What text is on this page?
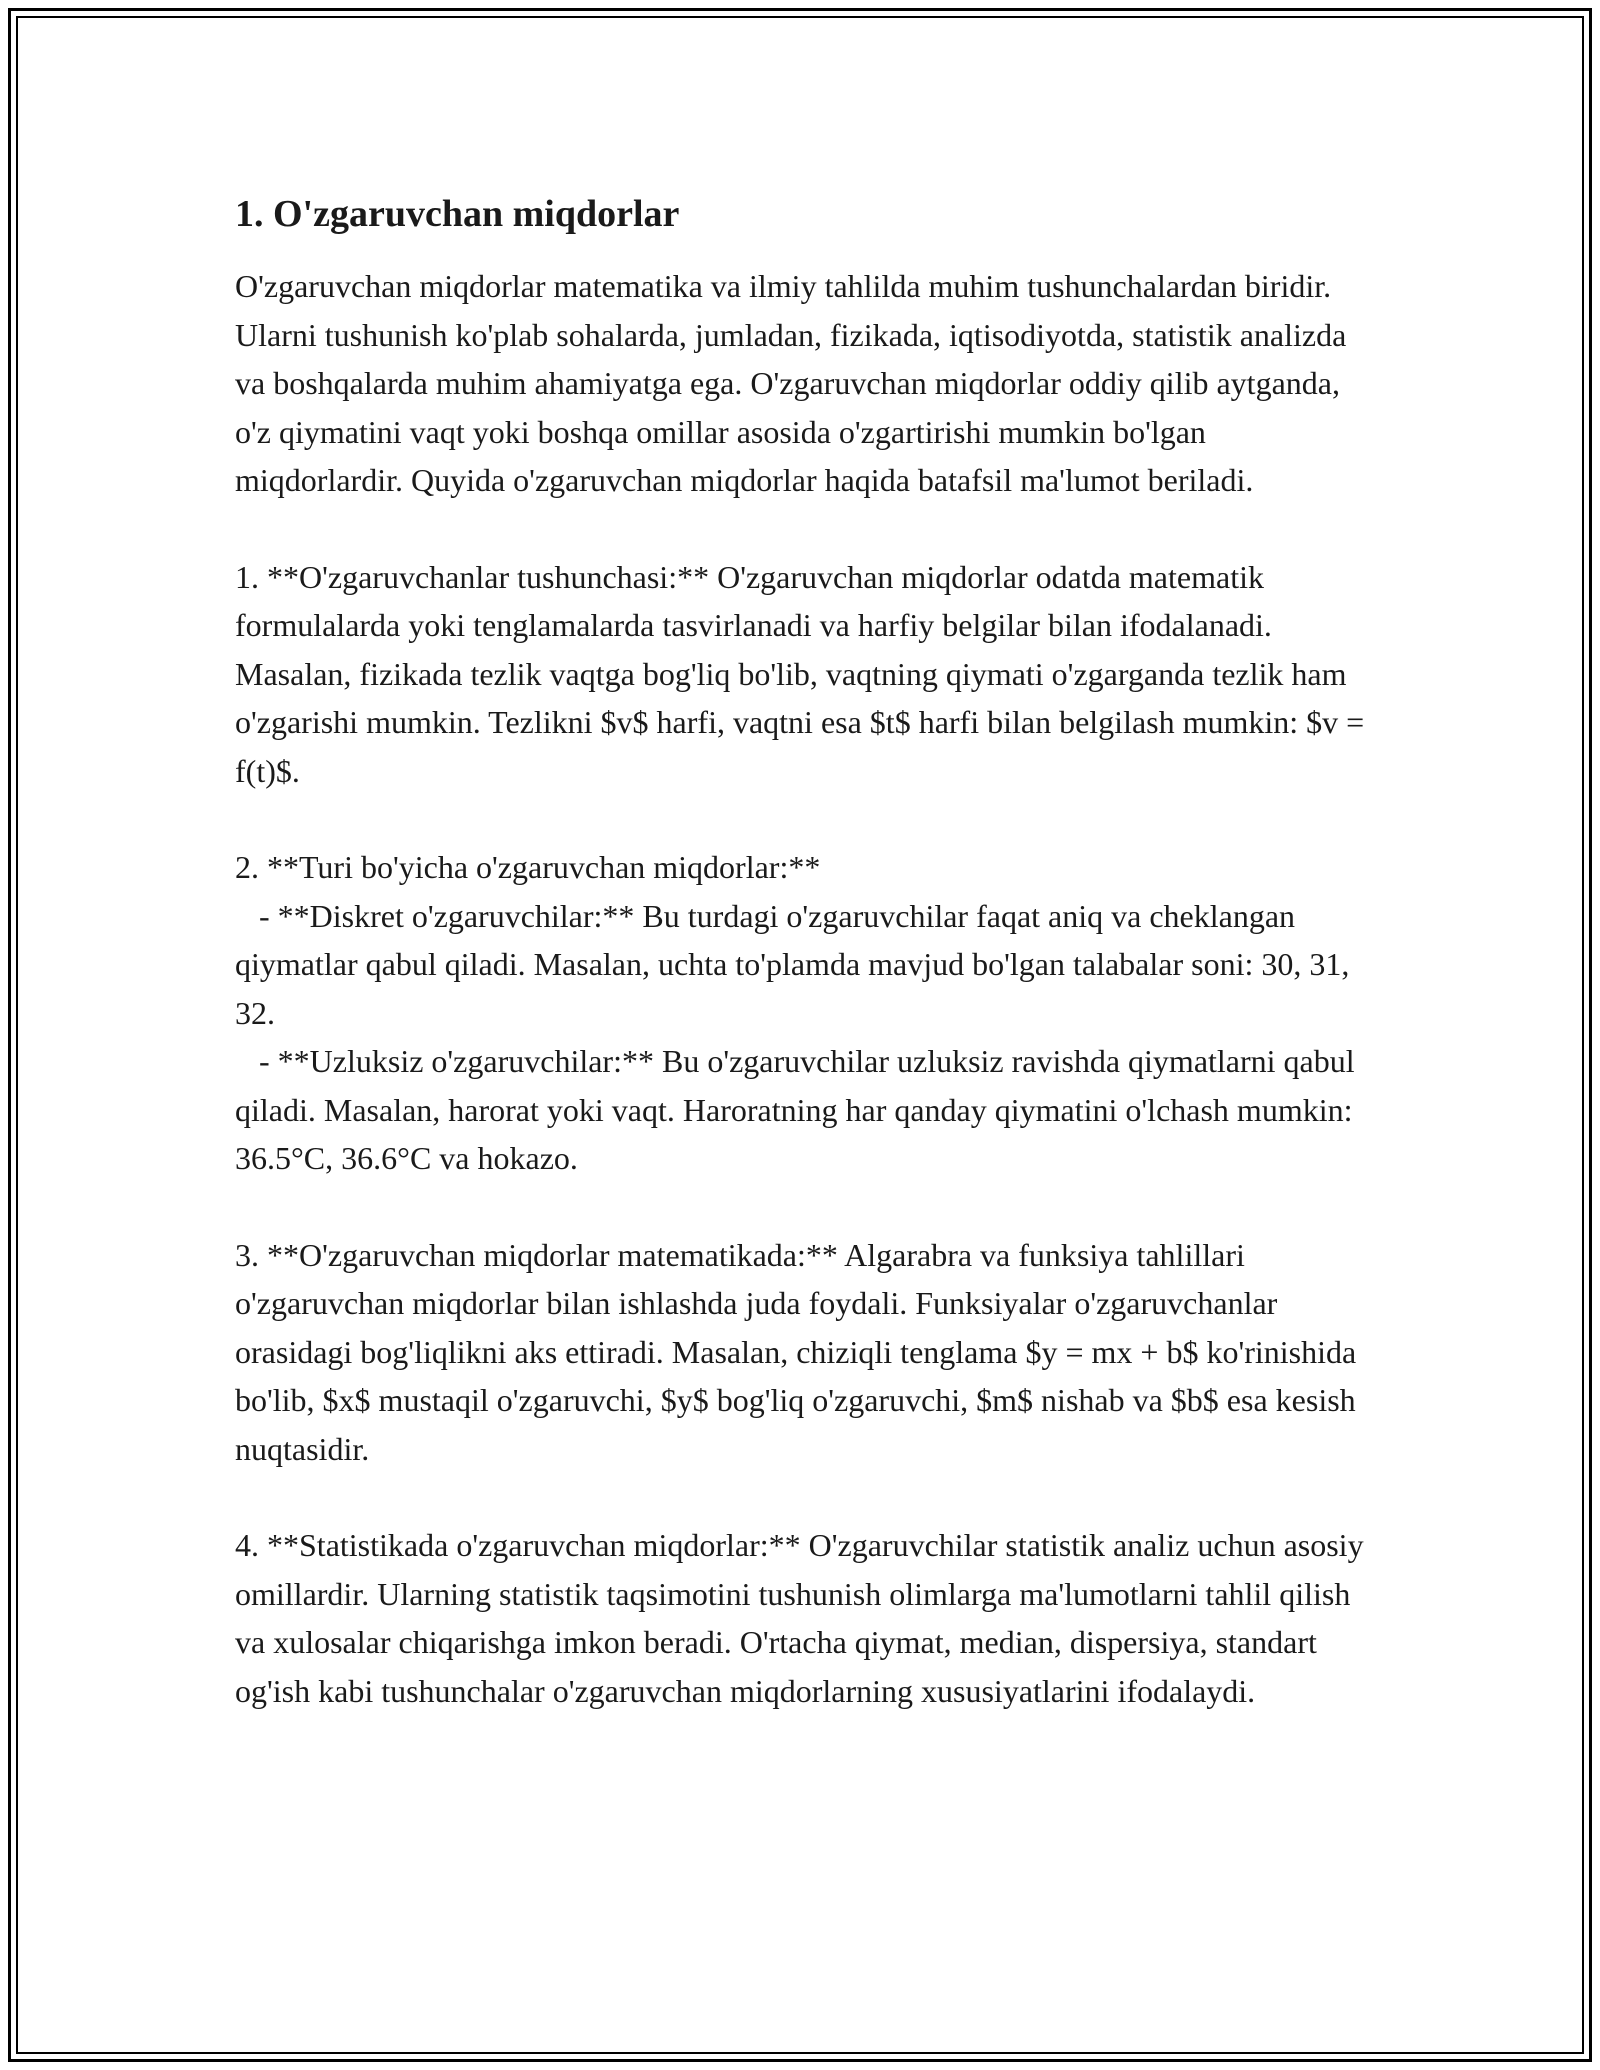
1. O'zgaruvchan miqdorlar

O'zgaruvchan miqdorlar matematika va ilmiy tahlilda muhim tushunchalardan biridir. Ularni tushunish ko'plab sohalarda, jumladan, fizikada, iqtisodiyotda, statistik analizda va boshqalarda muhim ahamiyatga ega. O'zgaruvchan miqdorlar oddiy qilib aytganda, o'z qiymatini vaqt yoki boshqa omillar asosida o'zgartirishi mumkin bo'lgan miqdorlardir. Quyida o'zgaruvchan miqdorlar haqida batafsil ma'lumot beriladi.

1. **O'zgaruvchanlar tushunchasi:** O'zgaruvchan miqdorlar odatda matematik formulalarda yoki tenglamalarda tasvirlanadi va harfiy belgilar bilan ifodalanadi. Masalan, fizikada tezlik vaqtga bog'liq bo'lib, vaqtning qiymati o'zgarganda tezlik ham o'zgarishi mumkin. Tezlikni $v$ harfi, vaqtni esa $t$ harfi bilan belgilash mumkin: $v = f(t)$.

2. **Turi bo'yicha o'zgaruvchan miqdorlar:**
- **Diskret o'zgaruvchilar:** Bu turdagi o'zgaruvchilar faqat aniq va cheklangan qiymatlar qabul qiladi. Masalan, uchta to'plamda mavjud bo'lgan talabalar soni: 30, 31, 32.
- **Uzluksiz o'zgaruvchilar:** Bu o'zgaruvchilar uzluksiz ravishda qiymatlarni qabul qiladi. Masalan, harorat yoki vaqt. Haroratning har qanday qiymatini o'lchash mumkin: 36.5°C, 36.6°C va hokazo.

3. **O'zgaruvchan miqdorlar matematikada:** Algarabra va funksiya tahlillari o'zgaruvchan miqdorlar bilan ishlashda juda foydali. Funksiyalar o'zgaruvchanlar orasidagi bog'liqlikni aks ettiradi. Masalan, chiziqli tenglama $y = mx + b$ ko'rinishida bo'lib, $x$ mustaqil o'zgaruvchi, $y$ bog'liq o'zgaruvchi, $m$ nishab va $b$ esa kesish nuqtasidir.

4. **Statistikada o'zgaruvchan miqdorlar:** O'zgaruvchilar statistik analiz uchun asosiy omillardir. Ularning statistik taqsimotini tushunish olimlarga ma'lumotlarni tahlil qilish va xulosalar chiqarishga imkon beradi. O'rtacha qiymat, median, dispersiya, standart og'ish kabi tushunchalar o'zgaruvchan miqdorlarning xususiyatlarini ifodalaydi.
